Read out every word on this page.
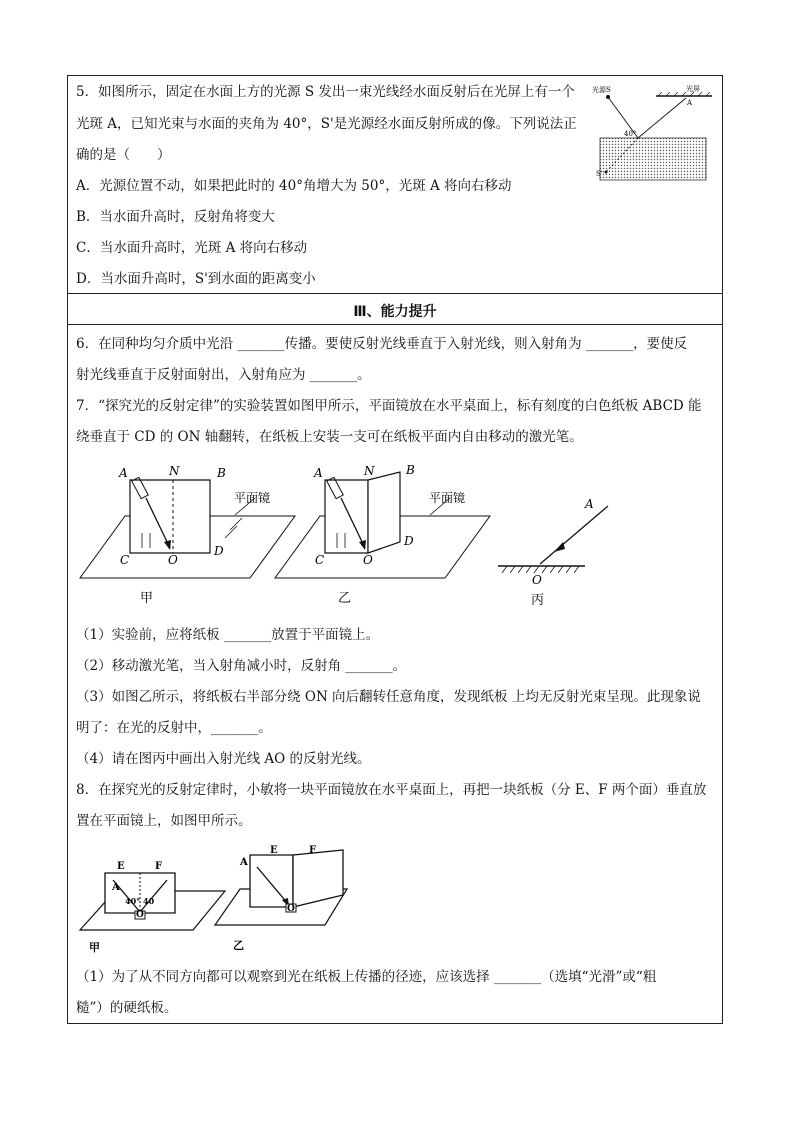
5．如图所示，固定在水面上方的光源 S 发出一束光线经水面反射后在光屏上有一个
光斑 A，已知光束与水面的夹角为 40°，S'是光源经水面反射所成的像。下列说法正
确的是（　　）
A．光源位置不动，如果把此时的 40°角增大为 50°，光斑 A 将向右移动
B．当水面升高时，反射角将变大
C．当水面升高时，光斑 A 将向右移动
D．当水面升高时，S'到水面的距离变小
光源S	光屏
A
40°
S'
Ⅲ、能力提升
6．在同种均匀介质中光沿 _______传播。要使反射光线垂直于入射光线，则入射角为 _______，要使反
射光线垂直于反射面射出，入射角应为 _______。
7．“探究光的反射定律”的实验装置如图甲所示，平面镜放在水平桌面上，标有刻度的白色纸板 ABCD 能
绕垂直于 CD 的 ON 轴翻转，在纸板上安装一支可在纸板平面内自由移动的激光笔。
A	N	B
C	O
D
平面镜
甲
A	N	B
C	O
D
平面镜
乙
A
O
丙
（1）实验前，应将纸板 _______放置于平面镜上。
（2）移动激光笔，当入射角减小时，反射角 _______。
（3）如图乙所示，将纸板右半部分绕 ON 向后翻转任意角度，发现纸板 上均无反射光束呈现。此现象说
明了：在光的反射中，_______。
（4）请在图丙中画出入射光线 AO 的反射光线。
8．在探究光的反射定律时，小敏将一块平面镜放在水平桌面上，再把一块纸板（分 E、F 两个面）垂直放
置在平面镜上，如图甲所示。
E	F
A
40° 40
O
甲
E	F
A
O
乙
（1）为了从不同方向都可以观察到光在纸板上传播的径迹，应该选择 _______（选填“光滑”或“粗
糙”）的硬纸板。
